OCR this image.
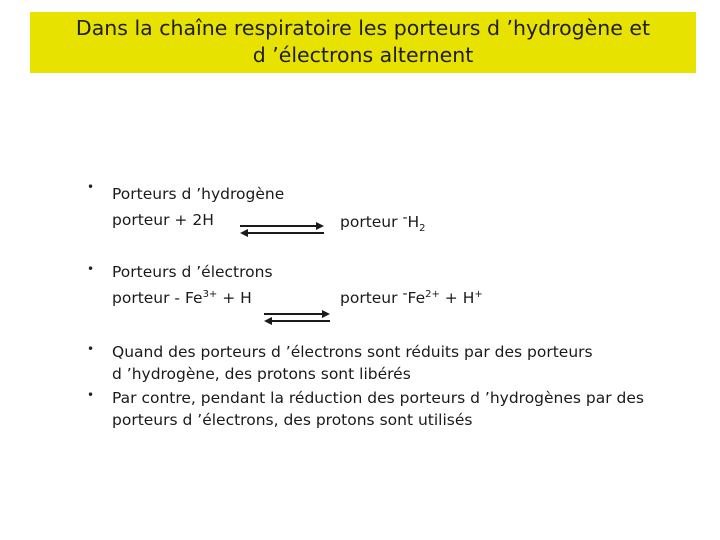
Dans la chaîne respiratoire les porteurs d ’hydrogène et
d ’électrons alternent
• Porteurs d ’hydrogène
porteur + 2H	porteur $^-H_2$
• Porteurs d ’électrons
porteur - $Fe^{3+} + H$	porteur $^-Fe^{2+} + H^+$
• Quand des porteurs d ’électrons sont réduits par des porteurs
d ’hydrogène, des protons sont libérés
• Par contre, pendant la réduction des porteurs d ’hydrogènes par des
porteurs d ’électrons, des protons sont utilisés
